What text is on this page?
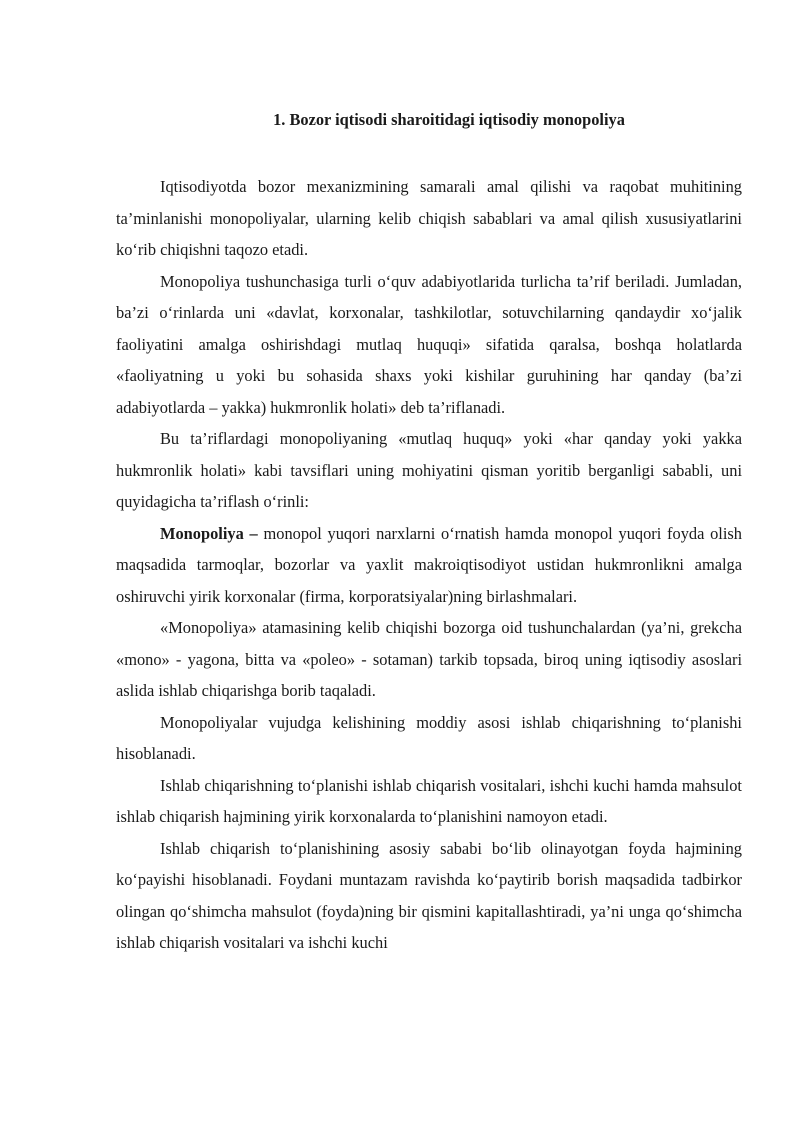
1. Bozor iqtisodi sharoitidagi iqtisodiy monopoliya

Iqtisodiyotda bozor mexanizmining samarali amal qilishi va raqobat muhitining ta’minlanishi monopoliyalar, ularning kelib chiqish sabablari va amal qilish xususiyatlarini ko‘rib chiqishni taqozo etadi.

Monopoliya tushunchasiga turli o‘quv adabiyotlarida turlicha ta’rif beriladi. Jumladan, ba’zi o‘rinlarda uni «davlat, korxonalar, tashkilotlar, sotuvchilarning qandaydir xo‘jalik faoliyatini amalga oshirishdagi mutlaq huquqi» sifatida qaralsa, boshqa holatlarda «faoliyatning u yoki bu sohasida shaxs yoki kishilar guruhining har qanday (ba’zi adabiyotlarda – yakka) hukmronlik holati» deb ta’riflanadi.

Bu ta’riflardagi monopoliyaning «mutlaq huquq» yoki «har qanday yoki yakka hukmronlik holati» kabi tavsiflari uning mohiyatini qisman yoritib berganligi sababli, uni quyidagicha ta’riflash o‘rinli:

Monopoliya – monopol yuqori narxlarni o‘rnatish hamda monopol yuqori foyda olish maqsadida tarmoqlar, bozorlar va yaxlit makroiqtisodiyot ustidan hukmronlikni amalga oshiruvchi yirik korxonalar (firma, korporatsiyalar)ning birlashmalari.

«Monopoliya» atamasining kelib chiqishi bozorga oid tushunchalardan (ya’ni, grekcha «mono» - yagona, bitta va «poleo» - sotaman) tarkib topsada, biroq uning iqtisodiy asoslari aslida ishlab chiqarishga borib taqaladi.

Monopoliyalar vujudga kelishining moddiy asosi ishlab chiqarishning to‘planishi hisoblanadi.

Ishlab chiqarishning to‘planishi ishlab chiqarish vositalari, ishchi kuchi hamda mahsulot ishlab chiqarish hajmining yirik korxonalarda to‘planishini namoyon etadi.

Ishlab chiqarish to‘planishining asosiy sababi bo‘lib olinayotgan foyda hajmining ko‘payishi hisoblanadi. Foydani muntazam ravishda ko‘paytirib borish maqsadida tadbirkor olingan qo‘shimcha mahsulot (foyda)ning bir qismini kapitallashtiradi, ya’ni unga qo‘shimcha ishlab chiqarish vositalari va ishchi kuchi
